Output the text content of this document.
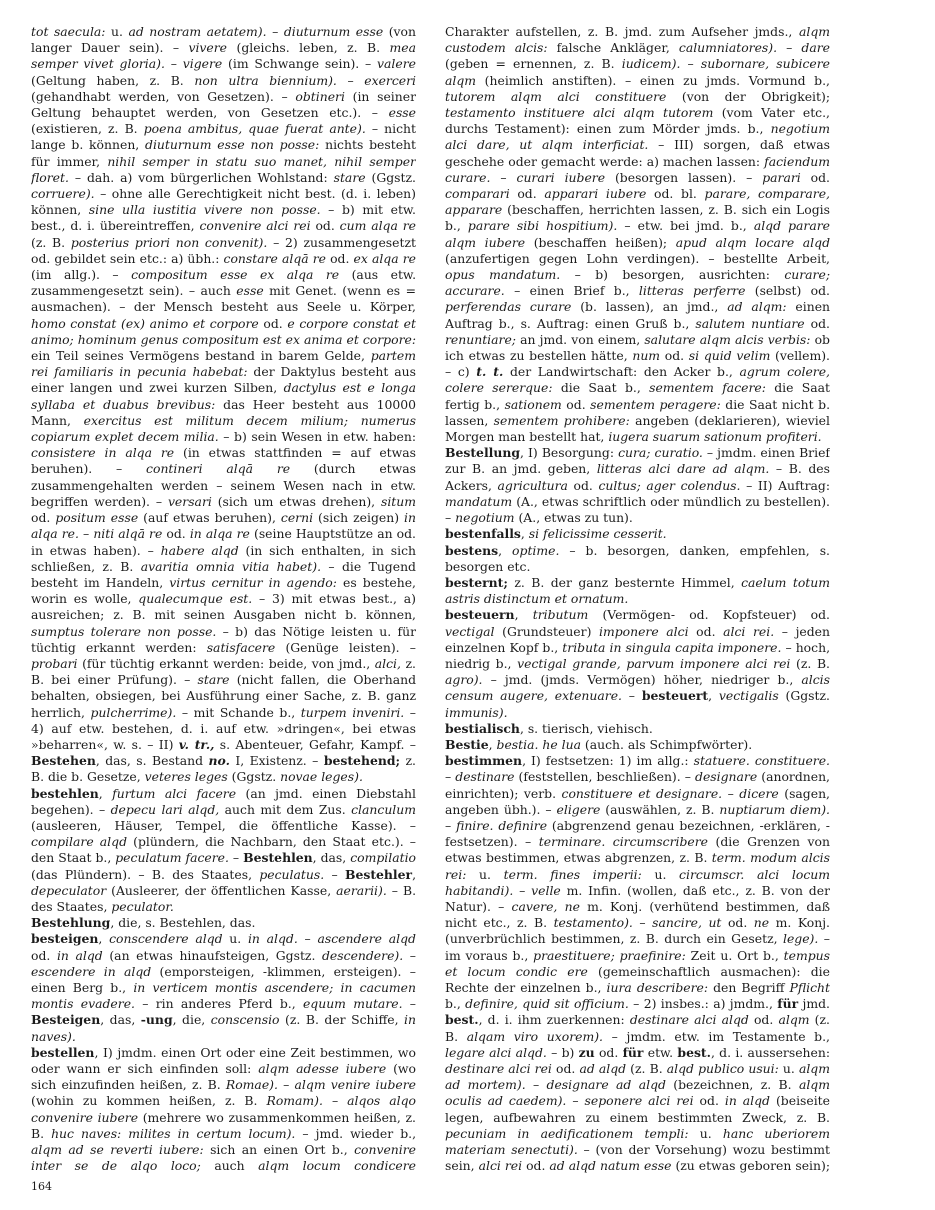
tot saecula: u. ad nostram aetatem). – diuturnum esse (von langer Dauer sein). – vivere (gleichs. leben, z. B. mea semper vivet gloria). – vigere (im Schwange sein). – valere (Geltung haben, z. B. non ultra biennium). – exerceri (gehandhabt werden, von Gesetzen). – obtineri (in seiner Geltung behauptet werden, von Gesetzen etc.). – esse (existieren, z. B. poena ambitus, quae fuerat ante). – nicht lange b. können, diuturnum esse non posse: nichts besteht für immer, nihil semper in statu suo manet, nihil semper floret. – dah. a) vom bürgerlichen Wohlstand: stare (Ggstz. corruere). – ohne alle Gerechtigkeit nicht best. (d. i. leben) können, sine ulla iustitia vivere non posse. – b) mit etw. best., d. i. übereintreffen, convenire alci rei od. cum alqa re (z. B. posterius priori non convenit). – 2) zusammengesetzt od. gebildet sein etc.: a) übh.: constare alqā re od. ex alqa re (im allg.). – compositum esse ex alqa re (aus etw. zusammengesetzt sein). – auch esse mit Genet. (wenn es = ausmachen). – der Mensch besteht aus Seele u. Körper, homo constat (ex) animo et corpore od. e corpore constat et animo; hominum genus compositum est ex anima et corpore: ein Teil seines Vermögens bestand in barem Gelde, partem rei familiaris in pecunia habebat: der Daktylus besteht aus einer langen und zwei kurzen Silben, dactylus est e longa syllaba et duabus brevibus: das Heer besteht aus 10000 Mann, exercitus est militum decem milium; numerus copiarum explet decem milia. – b) sein Wesen in etw. haben: consistere in alqa re (in etwas stattfinden = auf etwas beruhen). – contineri alqā re (durch etwas zusammengehalten werden – seinem Wesen nach in etw. begriffen werden). – versari (sich um etwas drehen), situm od. positum esse (auf etwas beruhen), cerni (sich zeigen) in alqa re. – niti alqā re od. in alqa re (seine Hauptstütze an od. in etwas haben). – habere alqd (in sich enthalten, in sich schließen, z. B. avaritia omnia vitia habet). – die Tugend besteht im Handeln, virtus cernitur in agendo: es bestehe, worin es wolle, qualecumque est. – 3) mit etwas best., a) ausreichen; z. B. mit seinen Ausgaben nicht b. können, sumptus tolerare non posse. – b) das Nötige leisten u. für tüchtig erkannt werden: satisfacere (Genüge leisten). – probari (für tüchtig erkannt werden: beide, von jmd., alci, z. B. bei einer Prüfung). – stare (nicht fallen, die Oberhand behalten, obsiegen, bei Ausführung einer Sache, z. B. ganz herrlich, pulcherrime). – mit Schande b., turpem inveniri. – 4) auf etw. bestehen, d. i. auf etw. »dringen«, bei etwas »beharren«, w. s. – II) v. tr., s. Abenteuer, Gefahr, Kampf. – Bestehen, das, s. Bestand no. I, Existenz. – bestehend; z. B. die b. Gesetze, veteres leges (Ggstz. novae leges).

bestehlen, furtum alci facere (an jmd. einen Diebstahl begehen). – depecu lari alqd, auch mit dem Zus. clanculum (ausleeren, Häuser, Tempel, die öffentliche Kasse). – compilare alqd (plündern, die Nachbarn, den Staat etc.). – den Staat b., peculatum facere. – Bestehlen, das, compilatio (das Plündern). – B. des Staates, peculatus. – Bestehler, depeculator (Ausleerer, der öffentlichen Kasse, aerarii). – B. des Staates, peculator.

Bestehlung, die, s. Bestehlen, das.

besteigen, conscendere alqd u. in alqd. – ascendere alqd od. in alqd (an etwas hinaufsteigen, Ggstz. descendere). – escendere in alqd (emporsteigen, -klimmen, ersteigen). – einen Berg b., in verticem montis ascendere; in cacumen montis evadere. – rin anderes Pferd b., equum mutare. – Besteigen, das, -ung, die, conscensio (z. B. der Schiffe, in naves).

bestellen, I) jmdm. einen Ort oder eine Zeit bestimmen, wo oder wann er sich einfinden soll: alqm adesse iubere (wo sich einzufinden heißen, z. B. Romae). – alqm venire iubere (wohin zu kommen heißen, z. B. Romam). – alqos alqo convenire iubere (mehrere wo zusammenkommen heißen, z. B. huc naves: milites in certum locum). – jmd. wieder b., alqm ad se reverti iubere: sich an einen Ort b., convenire inter se de alqo loco; auch alqm locum condicere

Charakter aufstellen, z. B. jmd. zum Aufseher jmds., alqm custodem alcis: falsche Ankläger, calumniatores). – dare (geben = ernennen, z. B. iudicem). – subornare, subicere alqm (heimlich anstiften). – einen zu jmds. Vormund b., tutorem alqm alci constituere (von der Obrigkeit); testamento instituere alci alqm tutorem (vom Vater etc., durchs Testament): einen zum Mörder jmds. b., negotium alci dare, ut alqm interficiat. – III) sorgen, daß etwas geschehe oder gemacht werde: a) machen lassen: faciendum curare. – curari iubere (besorgen lassen). – parari od. comparari od. apparari iubere od. bl. parare, comparare, apparare (beschaffen, herrichten lassen, z. B. sich ein Logis b., parare sibi hospitium). – etw. bei jmd. b., alqd parare alqm iubere (beschaffen heißen); apud alqm locare alqd (anzufertigen gegen Lohn verdingen). – bestellte Arbeit, opus mandatum. – b) besorgen, ausrichten: curare; accurare. – einen Brief b., litteras perferre (selbst) od. perferendas curare (b. lassen), an jmd., ad alqm: einen Auftrag b., s. Auftrag: einen Gruß b., salutem nuntiare od. renuntiare; an jmd. von einem, salutare alqm alcis verbis: ob ich etwas zu bestellen hätte, num od. si quid velim (vellem). – c) t. t. der Landwirtschaft: den Acker b., agrum colere, colere sererque: die Saat b., sementem facere: die Saat fertig b., sationem od. sementem peragere: die Saat nicht b. lassen, sementem prohibere: angeben (deklarieren), wieviel Morgen man bestellt hat, iugera suarum sationum profiteri.

Bestellung, I) Besorgung: cura; curatio. – jmdm. einen Brief zur B. an jmd. geben, litteras alci dare ad alqm. – B. des Ackers, agricultura od. cultus; ager colendus. – II) Auftrag: mandatum (A., etwas schriftlich oder mündlich zu bestellen). – negotium (A., etwas zu tun).

bestenfalls, si felicissime cesserit.

bestens, optime. – b. besorgen, danken, empfehlen, s. besorgen etc.

besternt; z. B. der ganz besternte Himmel, caelum totum astris distinctum et ornatum.

besteuern, tributum (Vermögen- od. Kopfsteuer) od. vectigal (Grundsteuer) imponere alci od. alci rei. – jeden einzelnen Kopf b., tributa in singula capita imponere. – hoch, niedrig b., vectigal grande, parvum imponere alci rei (z. B. agro). – jmd. (jmds. Vermögen) höher, niedriger b., alcis censum augere, extenuare. – besteuert, vectigalis (Ggstz. immunis).

bestialisch, s. tierisch, viehisch.

Bestie, bestia. he lua (auch. als Schimpfwörter).

bestimmen, I) festsetzen: 1) im allg.: statuere. constituere. – destinare (feststellen, beschließen). – designare (anordnen, einrichten); verb. constituere et designare. – dicere (sagen, angeben übh.). – eligere (auswählen, z. B. nuptiarum diem). – finire. definire (abgrenzend genau bezeichnen, -erklären, -festsetzen). – terminare. circumscribere (die Grenzen von etwas bestimmen, etwas abgrenzen, z. B. term. modum alcis rei: u. term. fines imperii: u. circumscr. alci locum habitandi). – velle m. Infin. (wollen, daß etc., z. B. von der Natur). – cavere, ne m. Konj. (verhütend bestimmen, daß nicht etc., z. B. testamento). – sancire, ut od. ne m. Konj. (unverbrüchlich bestimmen, z. B. durch ein Gesetz, lege). – im voraus b., praestituere; praefinire: Zeit u. Ort b., tempus et locum condic ere (gemeinschaftlich ausmachen): die Rechte der einzelnen b., iura describere: den Begriff Pflicht b., definire, quid sit officium. – 2) insbes.: a) jmdm., für jmd. best., d. i. ihm zuerkennen: destinare alci alqd od. alqm (z. B. alqam viro uxorem). – jmdm. etw. im Testamente b., legare alci alqd. – b) zu od. für etw. best., d. i. aussersehen: destinare alci rei od. ad alqd (z. B. alqd publico usui: u. alqm ad mortem). – designare ad alqd (bezeichnen, z. B. alqm oculis ad caedem). – seponere alci rei od. in alqd (beiseite legen, aufbewahren zu einem bestimmten Zweck, z. B. pecuniam in aedificationem templi: u. hanc uberiorem materiam senectuti). – (von der Vorsehung) wozu bestimmt sein, alci rei od. ad alqd natum esse (zu etwas geboren sein);

164
